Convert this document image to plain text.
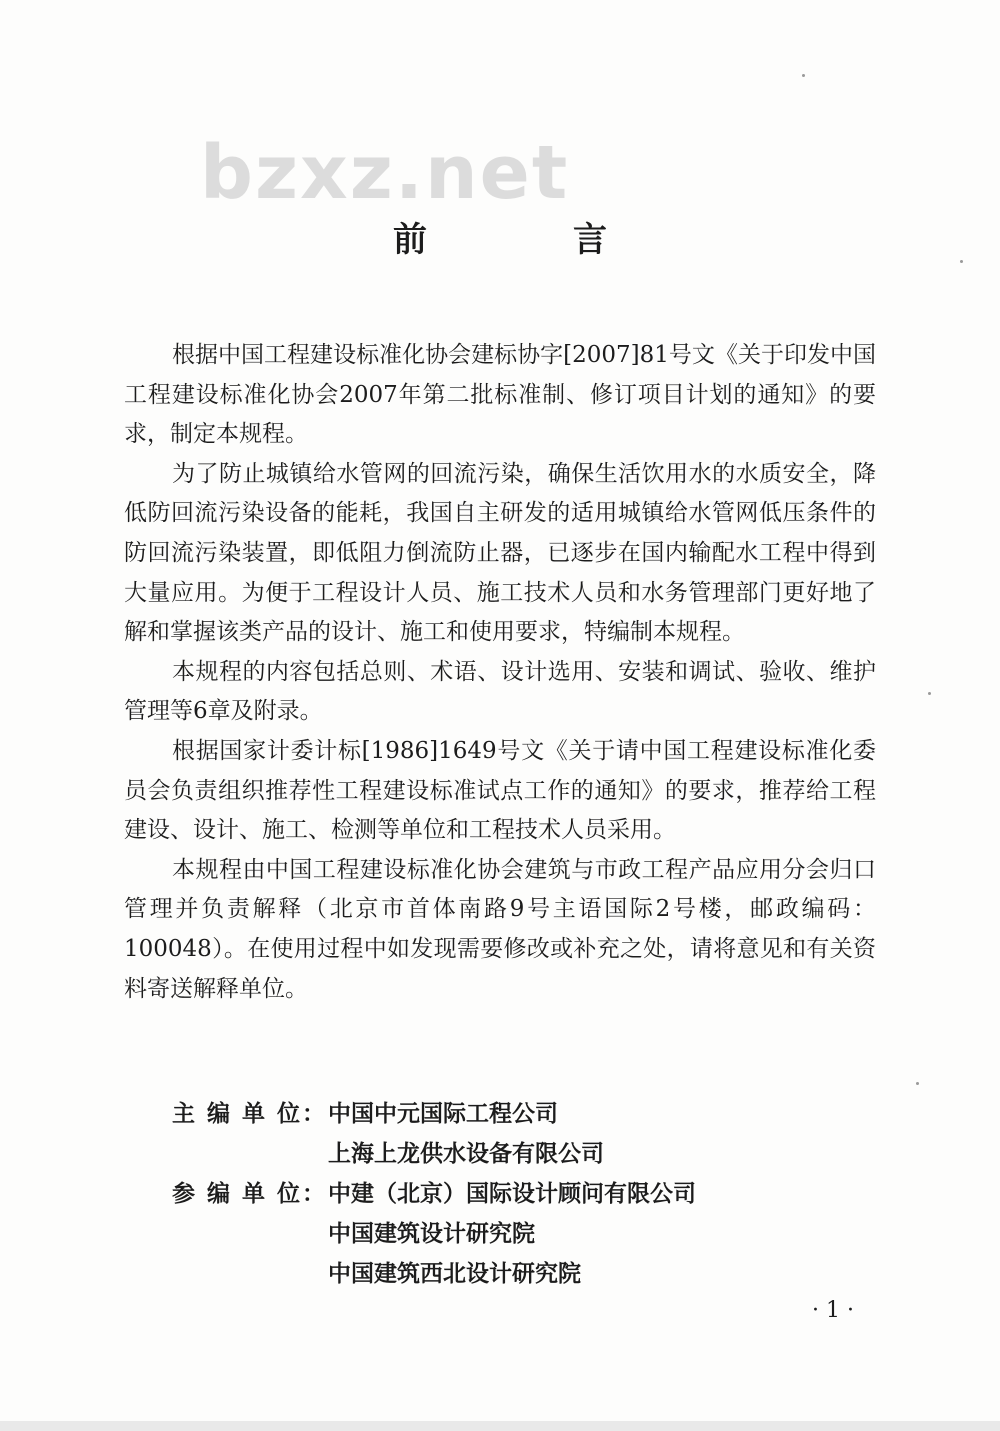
bzxz.net
前　言

根据中国工程建设标准化协会建标协字[2007]81号文《关于印发中国工程建设标准化协会2007年第二批标准制、修订项目计划的通知》的要求，制定本规程。

为了防止城镇给水管网的回流污染，确保生活饮用水的水质安全，降低防回流污染设备的能耗，我国自主研发的适用城镇给水管网低压条件的防回流污染装置，即低阻力倒流防止器，已逐步在国内输配水工程中得到大量应用。为便于工程设计人员、施工技术人员和水务管理部门更好地了解和掌握该类产品的设计、施工和使用要求，特编制本规程。

本规程的内容包括总则、术语、设计选用、安装和调试、验收、维护管理等6章及附录。

根据国家计委计标[1986]1649号文《关于请中国工程建设标准化委员会负责组织推荐性工程建设标准试点工作的通知》的要求，推荐给工程建设、设计、施工、检测等单位和工程技术人员采用。

本规程由中国工程建设标准化协会建筑与市政工程产品应用分会归口管理并负责解释（北京市首体南路9号主语国际2号楼，邮政编码：100048）。在使用过程中如发现需要修改或补充之处，请将意见和有关资料寄送解释单位。

主 编 单 位： 中国中元国际工程公司
上海上龙供水设备有限公司
参 编 单 位： 中建（北京）国际设计顾问有限公司
中国建筑设计研究院
中国建筑西北设计研究院
· 1 ·
